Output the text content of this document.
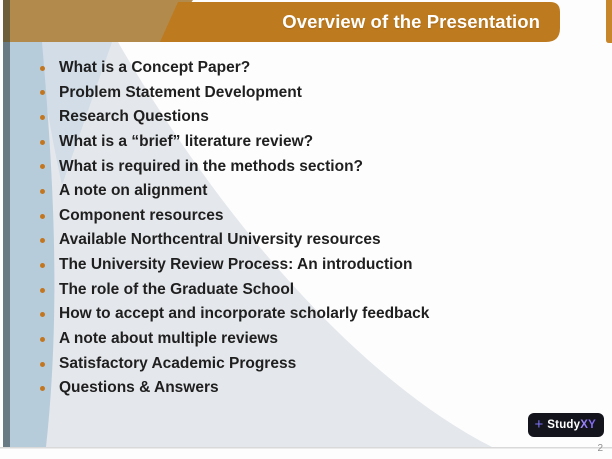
Overview of the Presentation
What is a Concept Paper?
Problem Statement Development
Research Questions
What is a “brief” literature review?
What is required in the methods section?
A note on alignment
Component resources
Available Northcentral University resources
The University Review Process: An introduction
The role of the Graduate School
How to accept and incorporate scholarly feedback
A note about multiple reviews
Satisfactory Academic Progress
Questions & Answers
+ Study XY
2
